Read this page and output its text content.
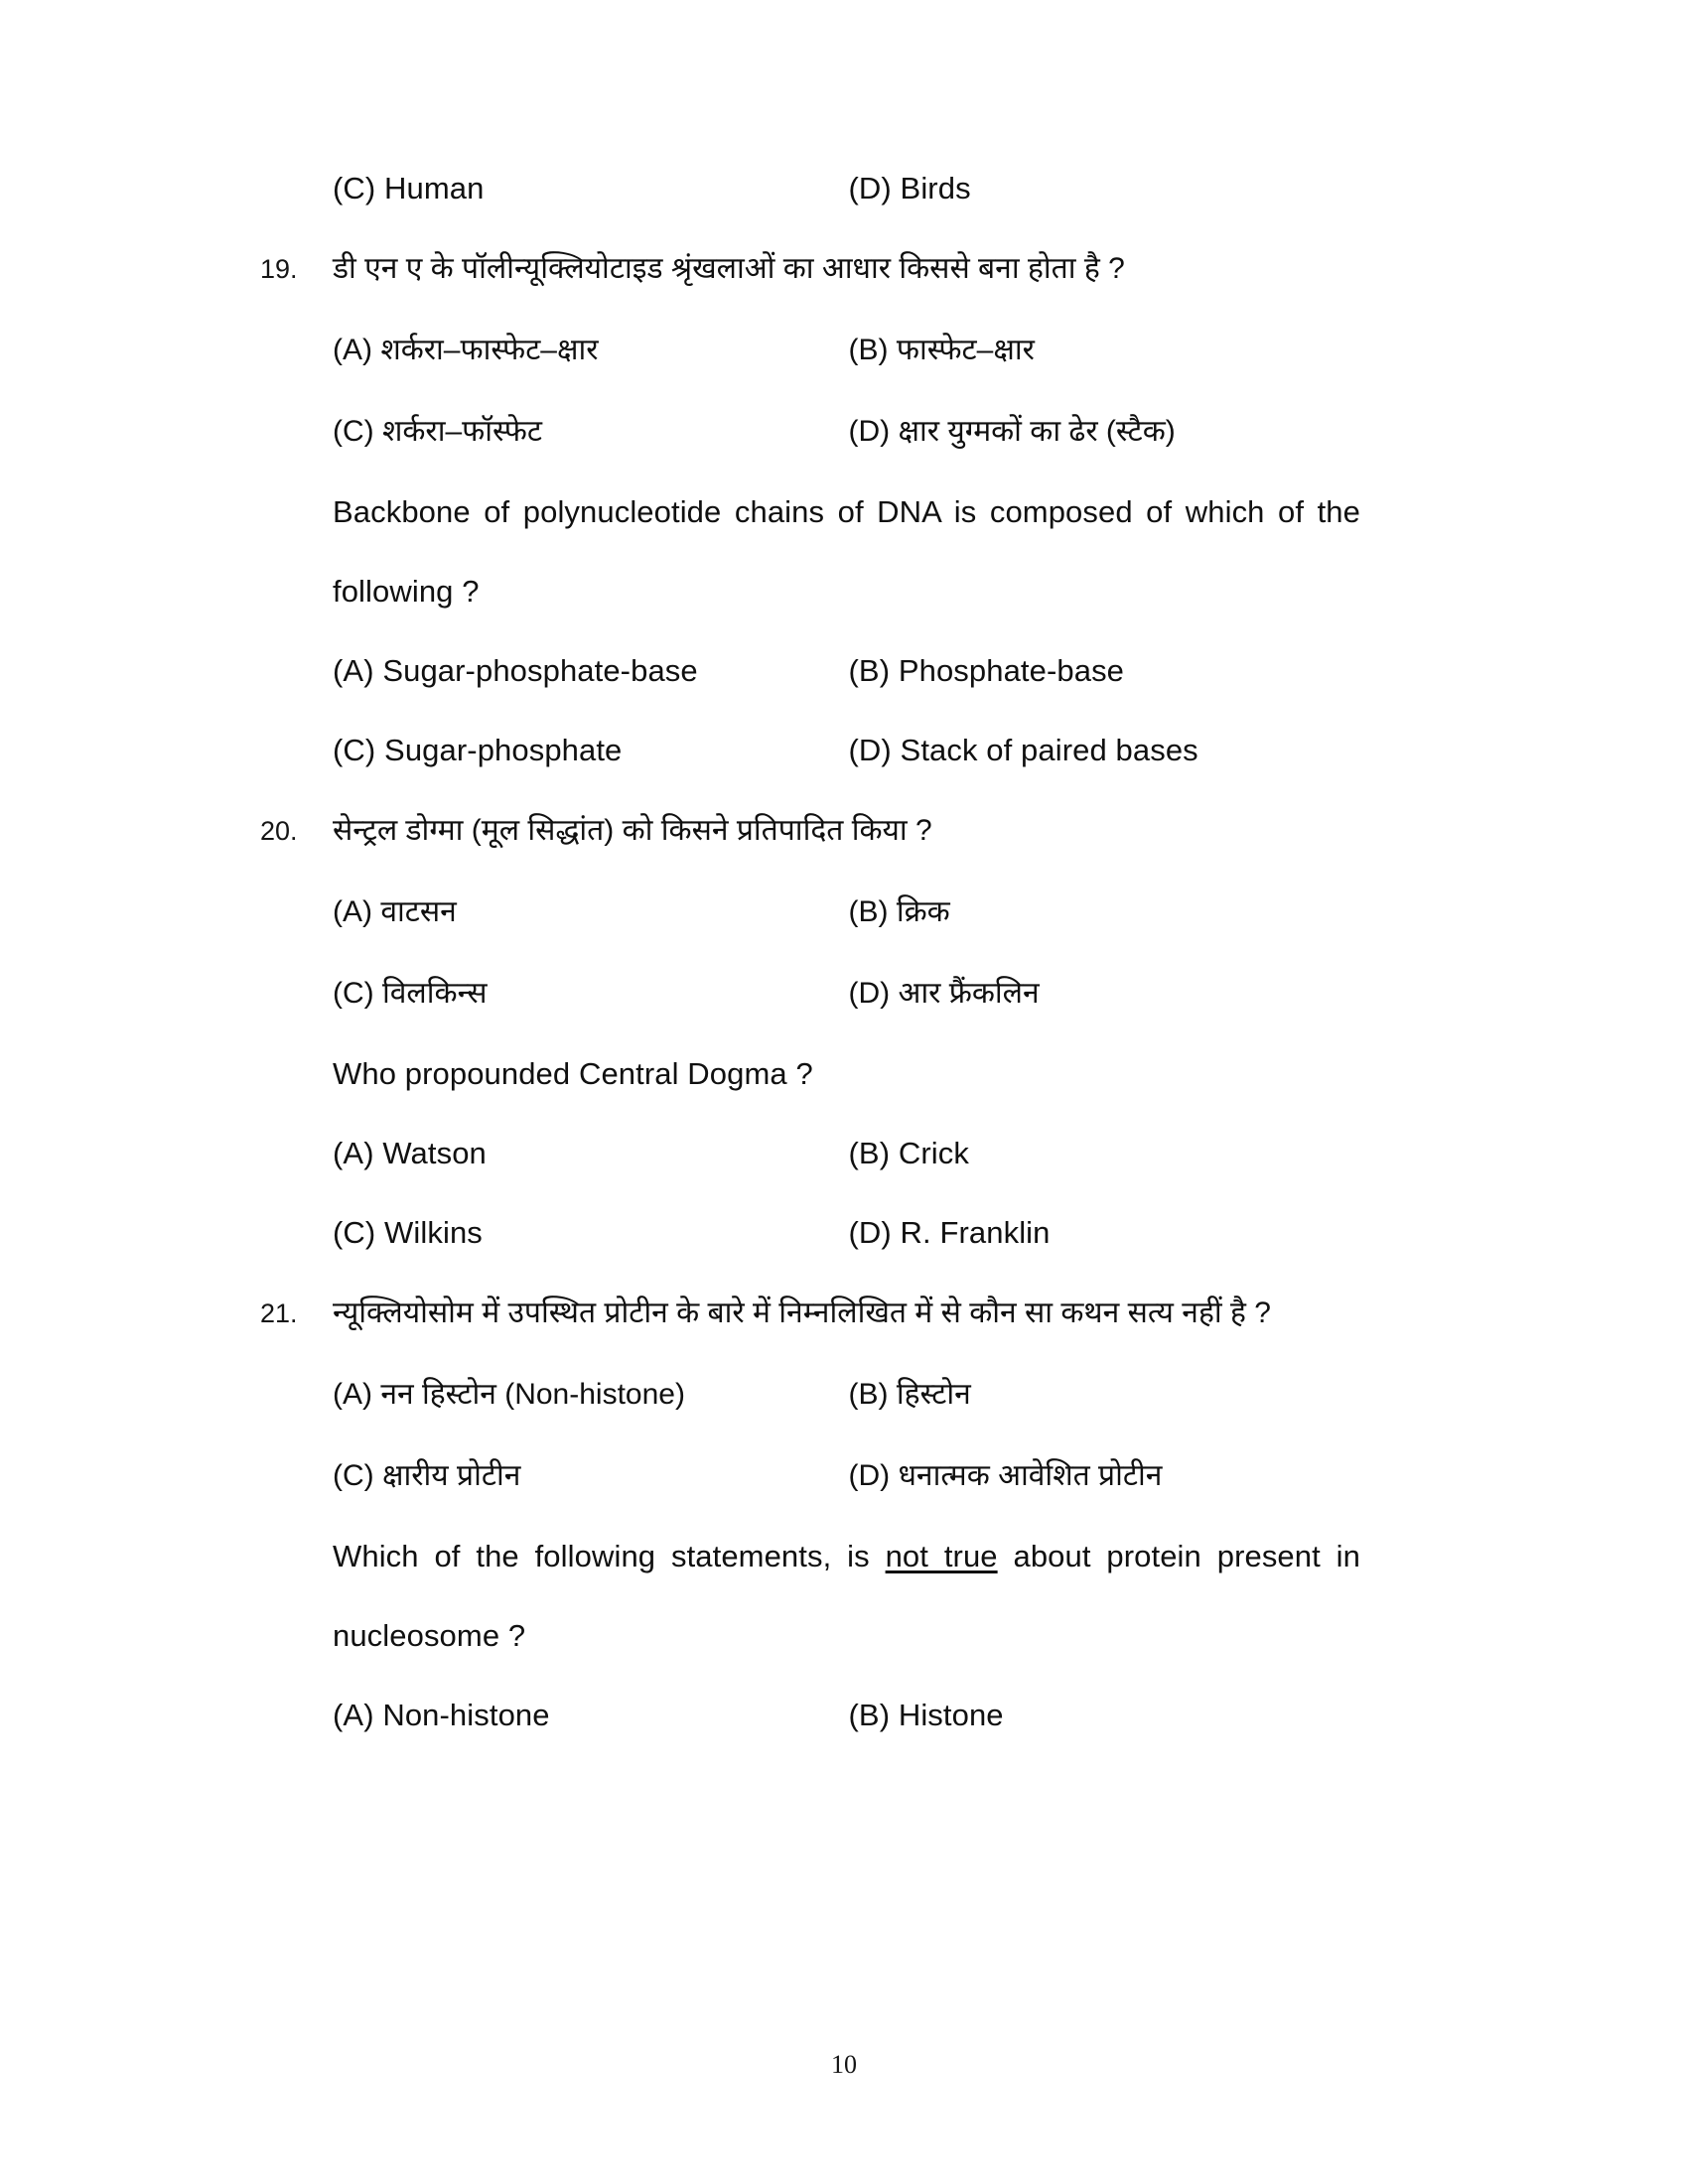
(C) Human	(D) Birds
19.	डी एन ए के पॉलीन्यूक्लियोटाइड श्रृंखलाओं का आधार किससे बना होता है ?
(A) शर्करा–फास्फेट–क्षार	(B) फास्फेट–क्षार
(C) शर्करा–फॉस्फेट	(D) क्षार युग्मकों का ढेर (स्टैक)
Backbone of polynucleotide chains of DNA is composed of which of the following ?
(A) Sugar-phosphate-base	(B) Phosphate-base
(C) Sugar-phosphate	(D) Stack of paired bases
20.	सेन्ट्रल डोग्मा (मूल सिद्धांत) को किसने प्रतिपादित किया ?
(A) वाटसन	(B) क्रिक
(C) विलकिन्स	(D) आर फ्रैंकलिन
Who propounded Central Dogma ?
(A) Watson	(B) Crick
(C) Wilkins	(D) R. Franklin
21.	न्यूक्लियोसोम में उपस्थित प्रोटीन के बारे में निम्नलिखित में से कौन सा कथन सत्य नहीं है ?
(A) नन हिस्टोन (Non-histone)	(B) हिस्टोन
(C) क्षारीय प्रोटीन	(D) धनात्मक आवेशित प्रोटीन
Which of the following statements, is not true about protein present in nucleosome ?
(A) Non-histone	(B) Histone
10
